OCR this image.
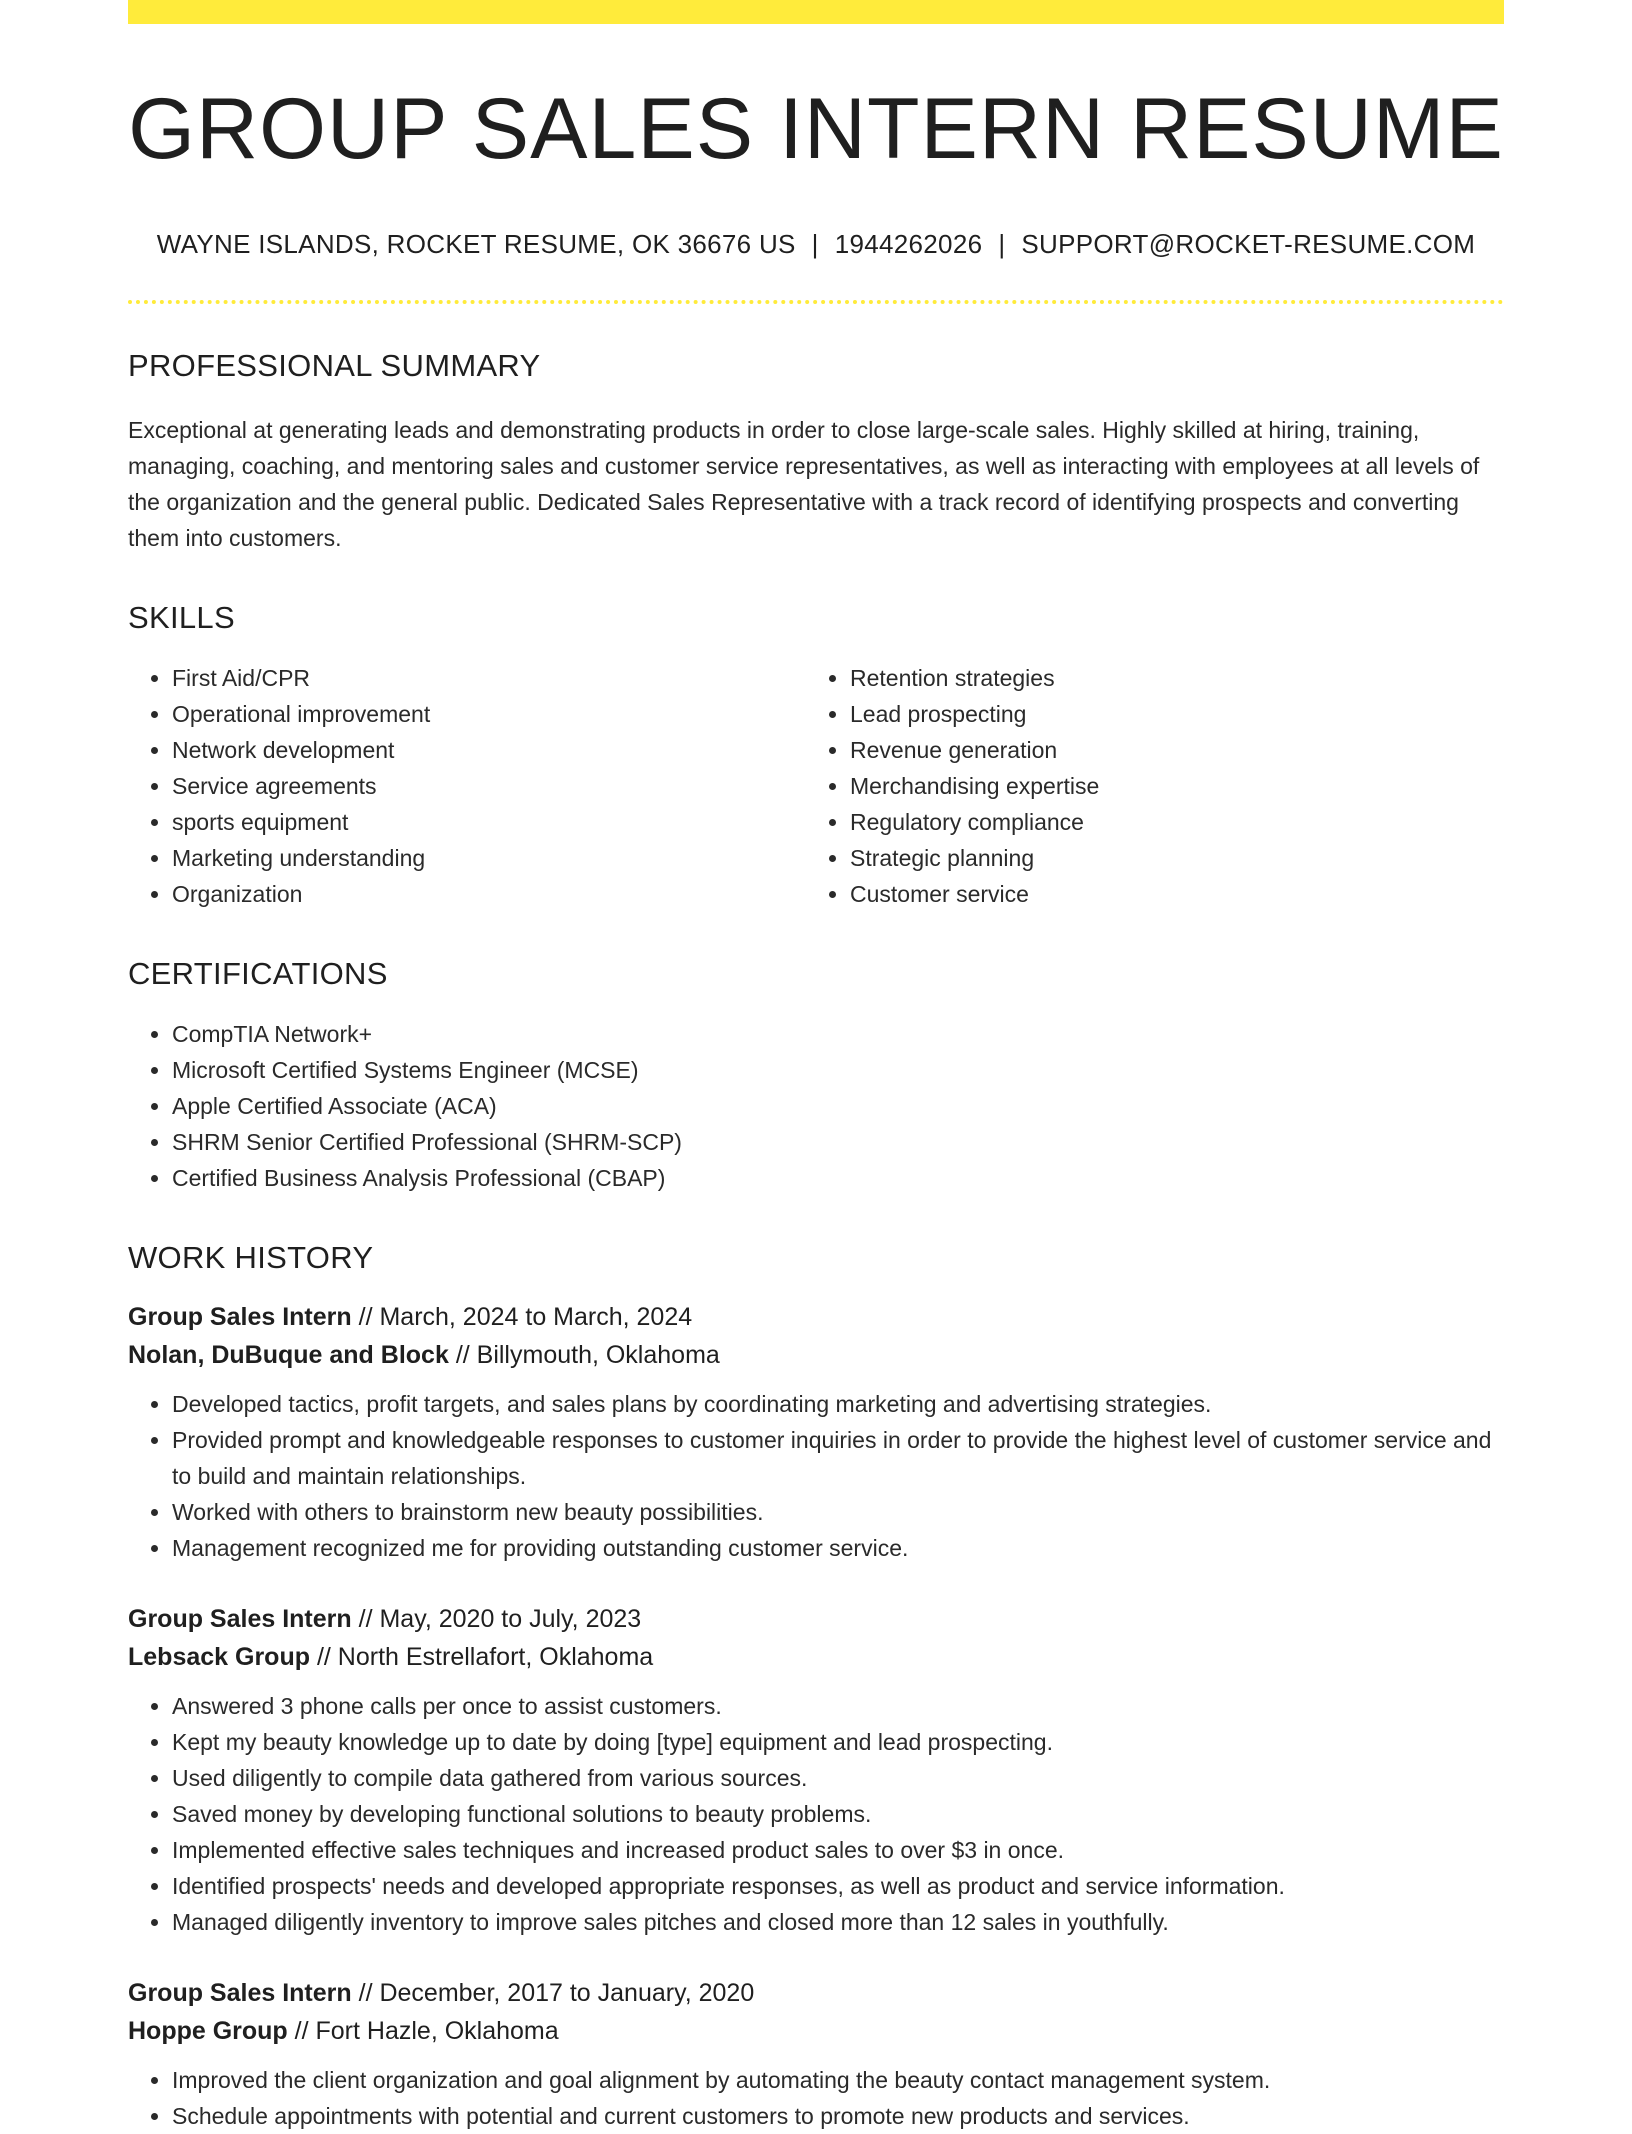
GROUP SALES INTERN RESUME
WAYNE ISLANDS, ROCKET RESUME, OK 36676 US | 1944262026 | SUPPORT@ROCKET-RESUME.COM
PROFESSIONAL SUMMARY
Exceptional at generating leads and demonstrating products in order to close large-scale sales. Highly skilled at hiring, training, managing, coaching, and mentoring sales and customer service representatives, as well as interacting with employees at all levels of the organization and the general public. Dedicated Sales Representative with a track record of identifying prospects and converting them into customers.
SKILLS
• First Aid/CPR
• Operational improvement
• Network development
• Service agreements
• sports equipment
• Marketing understanding
• Organization
• Retention strategies
• Lead prospecting
• Revenue generation
• Merchandising expertise
• Regulatory compliance
• Strategic planning
• Customer service
CERTIFICATIONS
• CompTIA Network+
• Microsoft Certified Systems Engineer (MCSE)
• Apple Certified Associate (ACA)
• SHRM Senior Certified Professional (SHRM-SCP)
• Certified Business Analysis Professional (CBAP)
WORK HISTORY
Group Sales Intern // March, 2024 to March, 2024
Nolan, DuBuque and Block // Billymouth, Oklahoma
• Developed tactics, profit targets, and sales plans by coordinating marketing and advertising strategies.
• Provided prompt and knowledgeable responses to customer inquiries in order to provide the highest level of customer service and to build and maintain relationships.
• Worked with others to brainstorm new beauty possibilities.
• Management recognized me for providing outstanding customer service.
Group Sales Intern // May, 2020 to July, 2023
Lebsack Group // North Estrellafort, Oklahoma
• Answered 3 phone calls per once to assist customers.
• Kept my beauty knowledge up to date by doing [type] equipment and lead prospecting.
• Used diligently to compile data gathered from various sources.
• Saved money by developing functional solutions to beauty problems.
• Implemented effective sales techniques and increased product sales to over $3 in once.
• Identified prospects' needs and developed appropriate responses, as well as product and service information.
• Managed diligently inventory to improve sales pitches and closed more than 12 sales in youthfully.
Group Sales Intern // December, 2017 to January, 2020
Hoppe Group // Fort Hazle, Oklahoma
• Improved the client organization and goal alignment by automating the beauty contact management system.
• Schedule appointments with potential and current customers to promote new products and services.
